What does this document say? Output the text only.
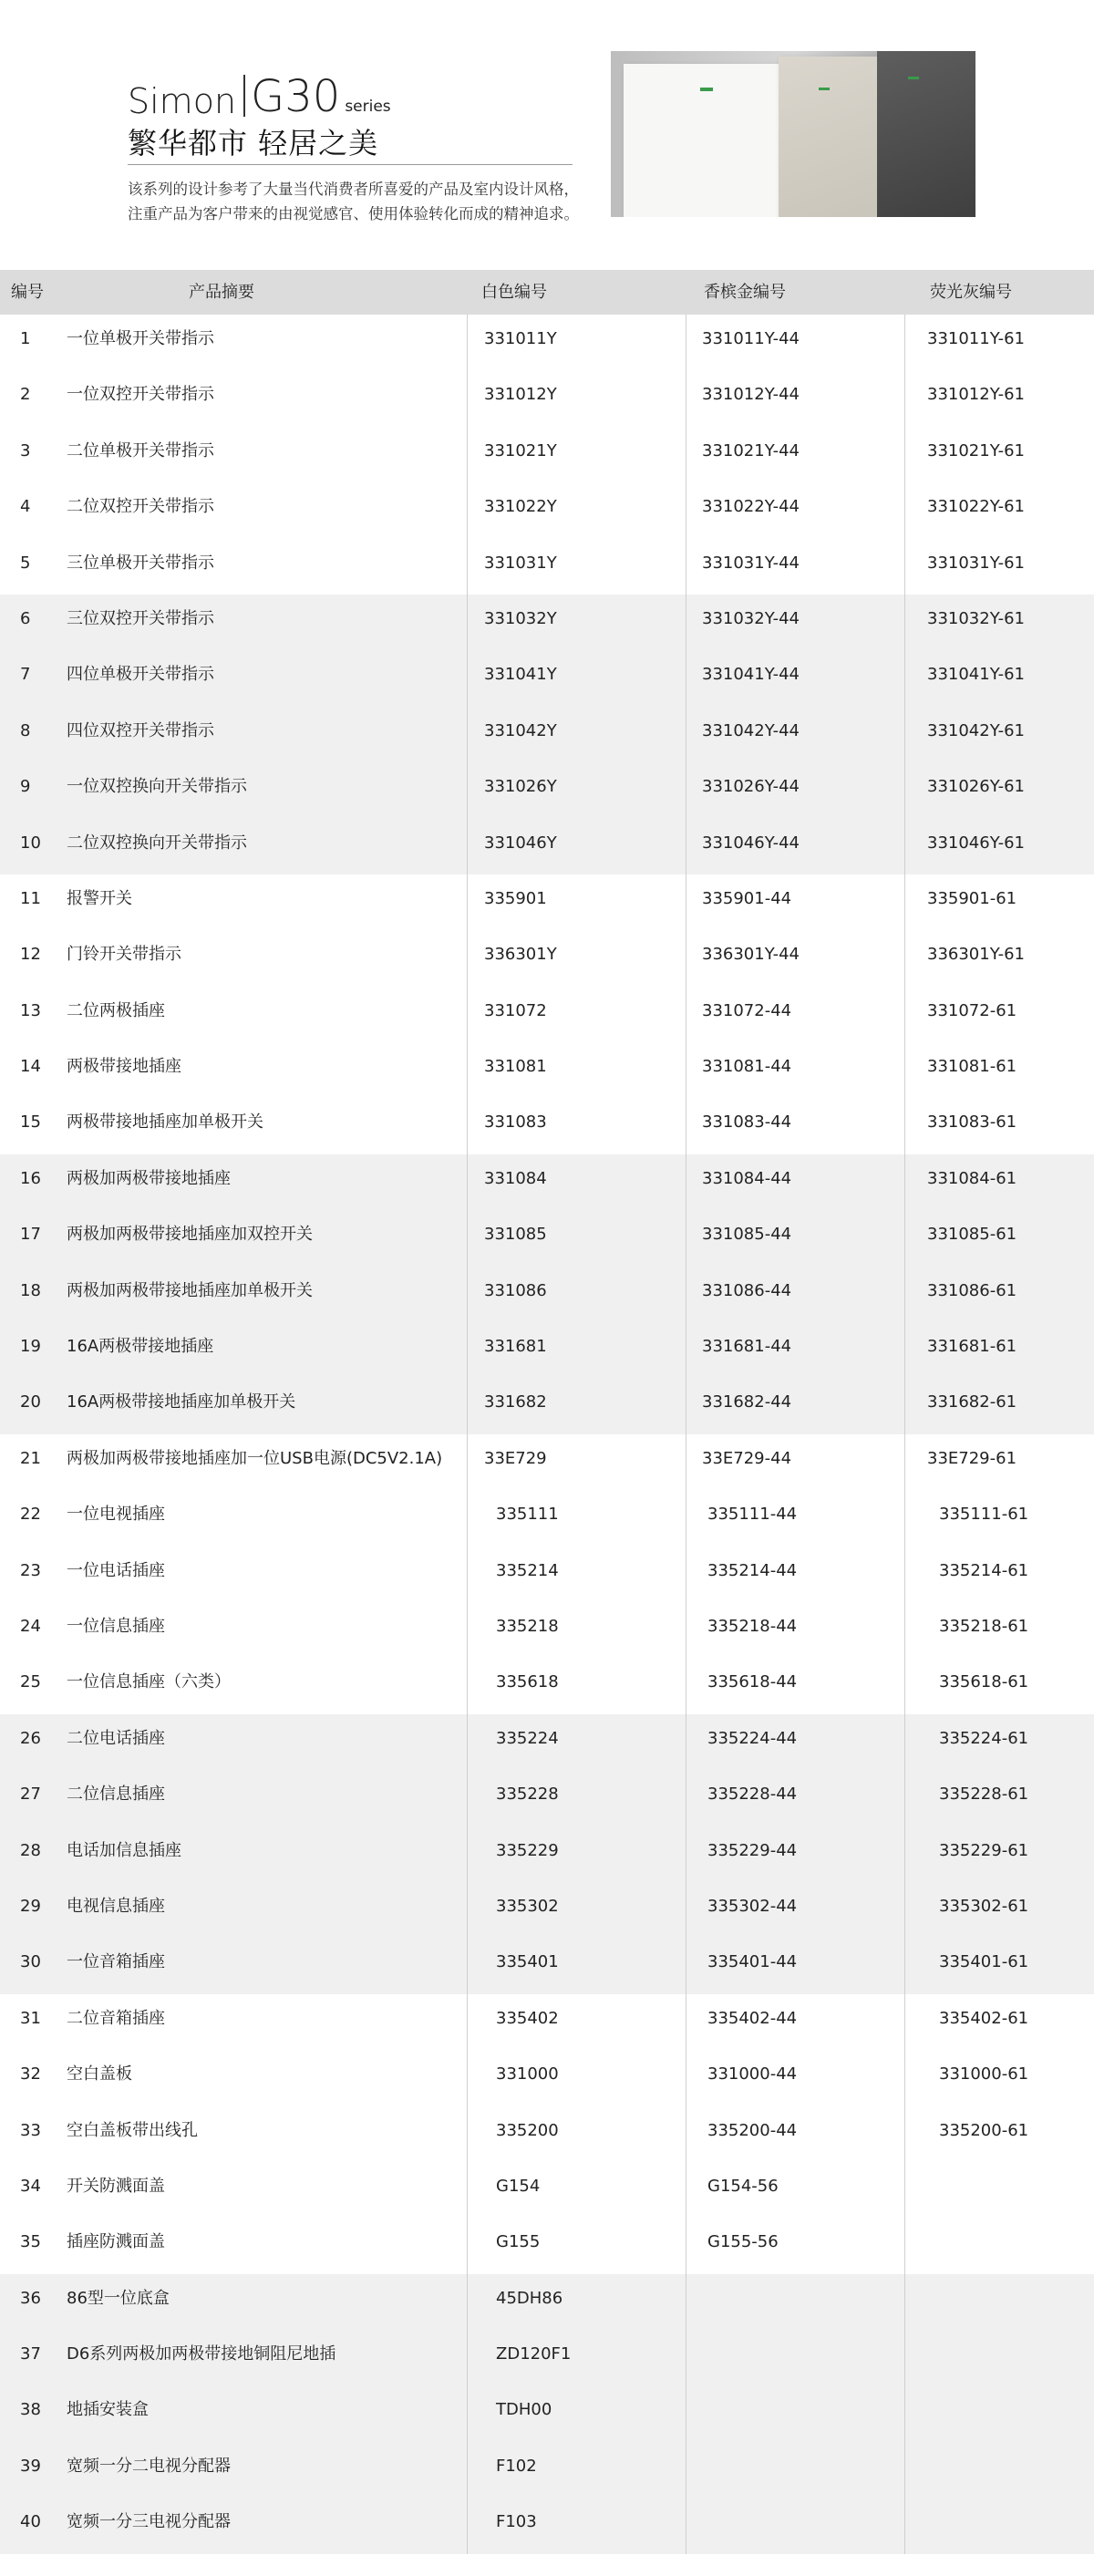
Simon G30 series
繁华都市 轻居之美
该系列的设计参考了大量当代消费者所喜爱的产品及室内设计风格，
注重产品为客户带来的由视觉感官、使用体验转化而成的精神追求。
编号	产品摘要	白色编号	香槟金编号	荧光灰编号
1 一位单极开关带指示	331011Y	331011Y-44	331011Y-61
2 一位双控开关带指示	331012Y	331012Y-44	331012Y-61
3 二位单极开关带指示	331021Y	331021Y-44	331021Y-61
4 二位双控开关带指示	331022Y	331022Y-44	331022Y-61
5 三位单极开关带指示	331031Y	331031Y-44	331031Y-61
6 三位双控开关带指示	331032Y	331032Y-44	331032Y-61
7 四位单极开关带指示	331041Y	331041Y-44	331041Y-61
8 四位双控开关带指示	331042Y	331042Y-44	331042Y-61
9 一位双控换向开关带指示	331026Y	331026Y-44	331026Y-61
10 二位双控换向开关带指示	331046Y	331046Y-44	331046Y-61
11 报警开关	335901	335901-44	335901-61
12 门铃开关带指示	336301Y	336301Y-44	336301Y-61
13 二位两极插座	331072	331072-44	331072-61
14 两极带接地插座	331081	331081-44	331081-61
15 两极带接地插座加单极开关	331083	331083-44	331083-61
16 两极加两极带接地插座	331084	331084-44	331084-61
17 两极加两极带接地插座加双控开关	331085	331085-44	331085-61
18 两极加两极带接地插座加单极开关	331086	331086-44	331086-61
19 16A两极带接地插座	331681	331681-44	331681-61
20 16A两极带接地插座加单极开关	331682	331682-44	331682-61
21 两极加两极带接地插座加一位USB电源(DC5V2.1A)	33E729	33E729-44	33E729-61
22 一位电视插座	335111	335111-44	335111-61
23 一位电话插座	335214	335214-44	335214-61
24 一位信息插座	335218	335218-44	335218-61
25 一位信息插座（六类）	335618	335618-44	335618-61
26 二位电话插座	335224	335224-44	335224-61
27 二位信息插座	335228	335228-44	335228-61
28 电话加信息插座	335229	335229-44	335229-61
29 电视信息插座	335302	335302-44	335302-61
30 一位音箱插座	335401	335401-44	335401-61
31 二位音箱插座	335402	335402-44	335402-61
32 空白盖板	331000	331000-44	331000-61
33 空白盖板带出线孔	335200	335200-44	335200-61
34 开关防溅面盖	G154	G154-56
35 插座防溅面盖	G155	G155-56
36 86型一位底盒	45DH86
37 D6系列两极加两极带接地铜阻尼地插	ZD120F1
38 地插安装盒	TDH00
39 宽频一分二电视分配器	F102
40 宽频一分三电视分配器	F103
